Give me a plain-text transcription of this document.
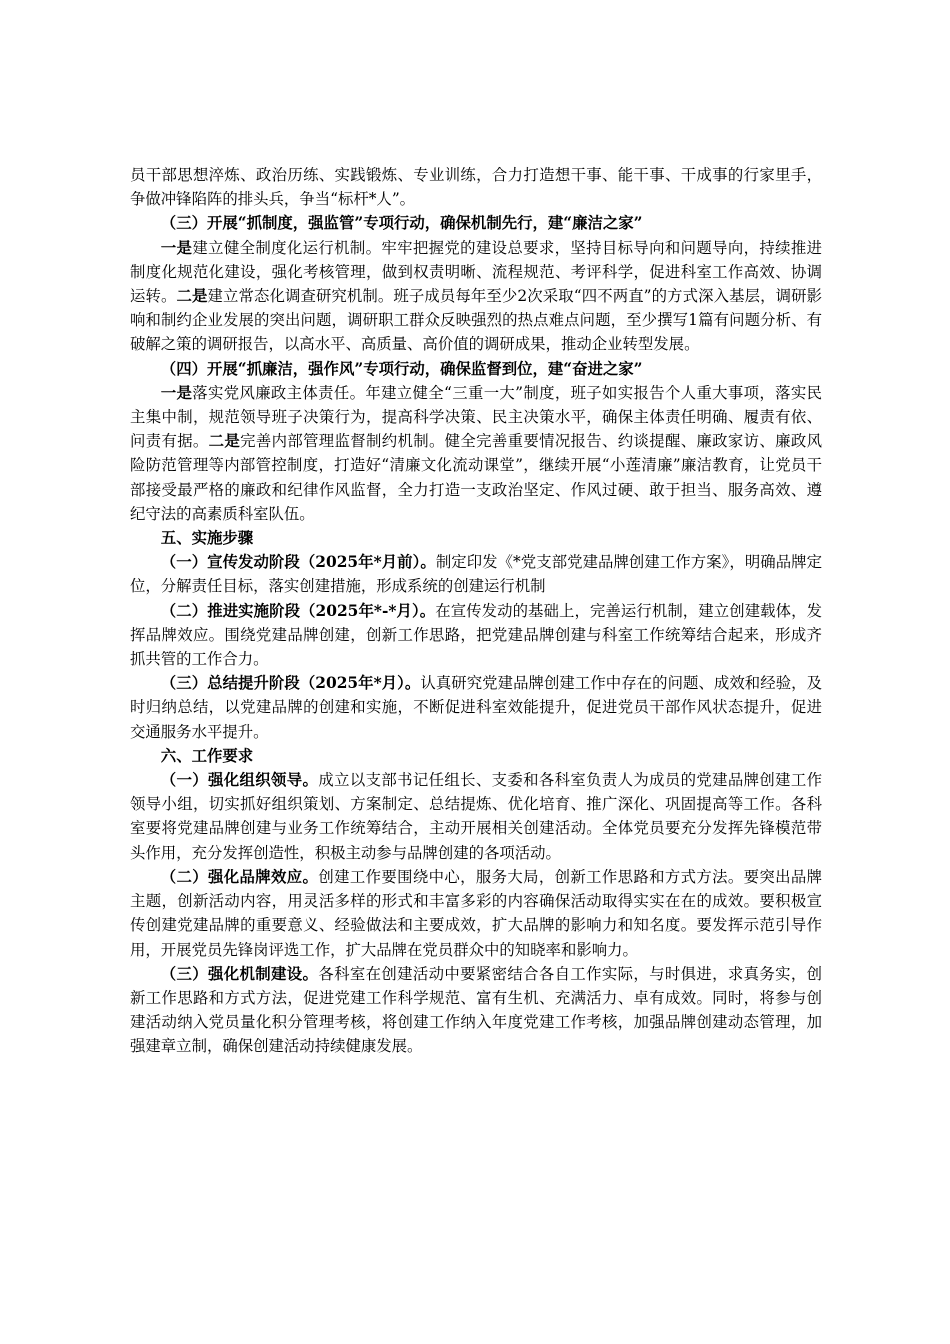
员干部思想淬炼、政治历练、实践锻炼、专业训练，合力打造想干事、能干事、干成事的行家里手，争做冲锋陷阵的排头兵，争当“标杆*人”。

（三）开展“抓制度，强监管”专项行动，确保机制先行，建“廉洁之家”

一是建立健全制度化运行机制。牢牢把握党的建设总要求，坚持目标导向和问题导向，持续推进制度化规范化建设，强化考核管理，做到权责明晰、流程规范、考评科学，促进科室工作高效、协调运转。二是建立常态化调查研究机制。班子成员每年至少2次采取“四不两直”的方式深入基层，调研影响和制约企业发展的突出问题，调研职工群众反映强烈的热点难点问题，至少撰写1篇有问题分析、有破解之策的调研报告，以高水平、高质量、高价值的调研成果，推动企业转型发展。

（四）开展“抓廉洁，强作风”专项行动，确保监督到位，建“奋进之家”

一是落实党风廉政主体责任。年建立健全“三重一大”制度，班子如实报告个人重大事项，落实民主集中制，规范领导班子决策行为，提高科学决策、民主决策水平，确保主体责任明确、履责有依、问责有据。二是完善内部管理监督制约机制。健全完善重要情况报告、约谈提醒、廉政家访、廉政风险防范管理等内部管控制度，打造好“清廉文化流动课堂”，继续开展“小莲清廉”廉洁教育，让党员干部接受最严格的廉政和纪律作风监督，全力打造一支政治坚定、作风过硬、敢于担当、服务高效、遵纪守法的高素质科室队伍。

五、实施步骤

（一）宣传发动阶段（2025年*月前）。制定印发《*党支部党建品牌创建工作方案》，明确品牌定位，分解责任目标，落实创建措施，形成系统的创建运行机制

（二）推进实施阶段（2025年*-*月）。在宣传发动的基础上，完善运行机制，建立创建载体，发挥品牌效应。围绕党建品牌创建，创新工作思路，把党建品牌创建与科室工作统筹结合起来，形成齐抓共管的工作合力。

（三）总结提升阶段（2025年*月）。认真研究党建品牌创建工作中存在的问题、成效和经验，及时归纳总结，以党建品牌的创建和实施，不断促进科室效能提升，促进党员干部作风状态提升，促进交通服务水平提升。

六、工作要求

（一）强化组织领导。成立以支部书记任组长、支委和各科室负责人为成员的党建品牌创建工作领导小组，切实抓好组织策划、方案制定、总结提炼、优化培育、推广深化、巩固提高等工作。各科室要将党建品牌创建与业务工作统筹结合，主动开展相关创建活动。全体党员要充分发挥先锋模范带头作用，充分发挥创造性，积极主动参与品牌创建的各项活动。

（二）强化品牌效应。创建工作要围绕中心，服务大局，创新工作思路和方式方法。要突出品牌主题，创新活动内容，用灵活多样的形式和丰富多彩的内容确保活动取得实实在在的成效。要积极宣传创建党建品牌的重要意义、经验做法和主要成效，扩大品牌的影响力和知名度。要发挥示范引导作用，开展党员先锋岗评选工作，扩大品牌在党员群众中的知晓率和影响力。

（三）强化机制建设。各科室在创建活动中要紧密结合各自工作实际，与时俱进，求真务实，创新工作思路和方式方法，促进党建工作科学规范、富有生机、充满活力、卓有成效。同时，将参与创建活动纳入党员量化积分管理考核，将创建工作纳入年度党建工作考核，加强品牌创建动态管理，加强建章立制，确保创建活动持续健康发展。
